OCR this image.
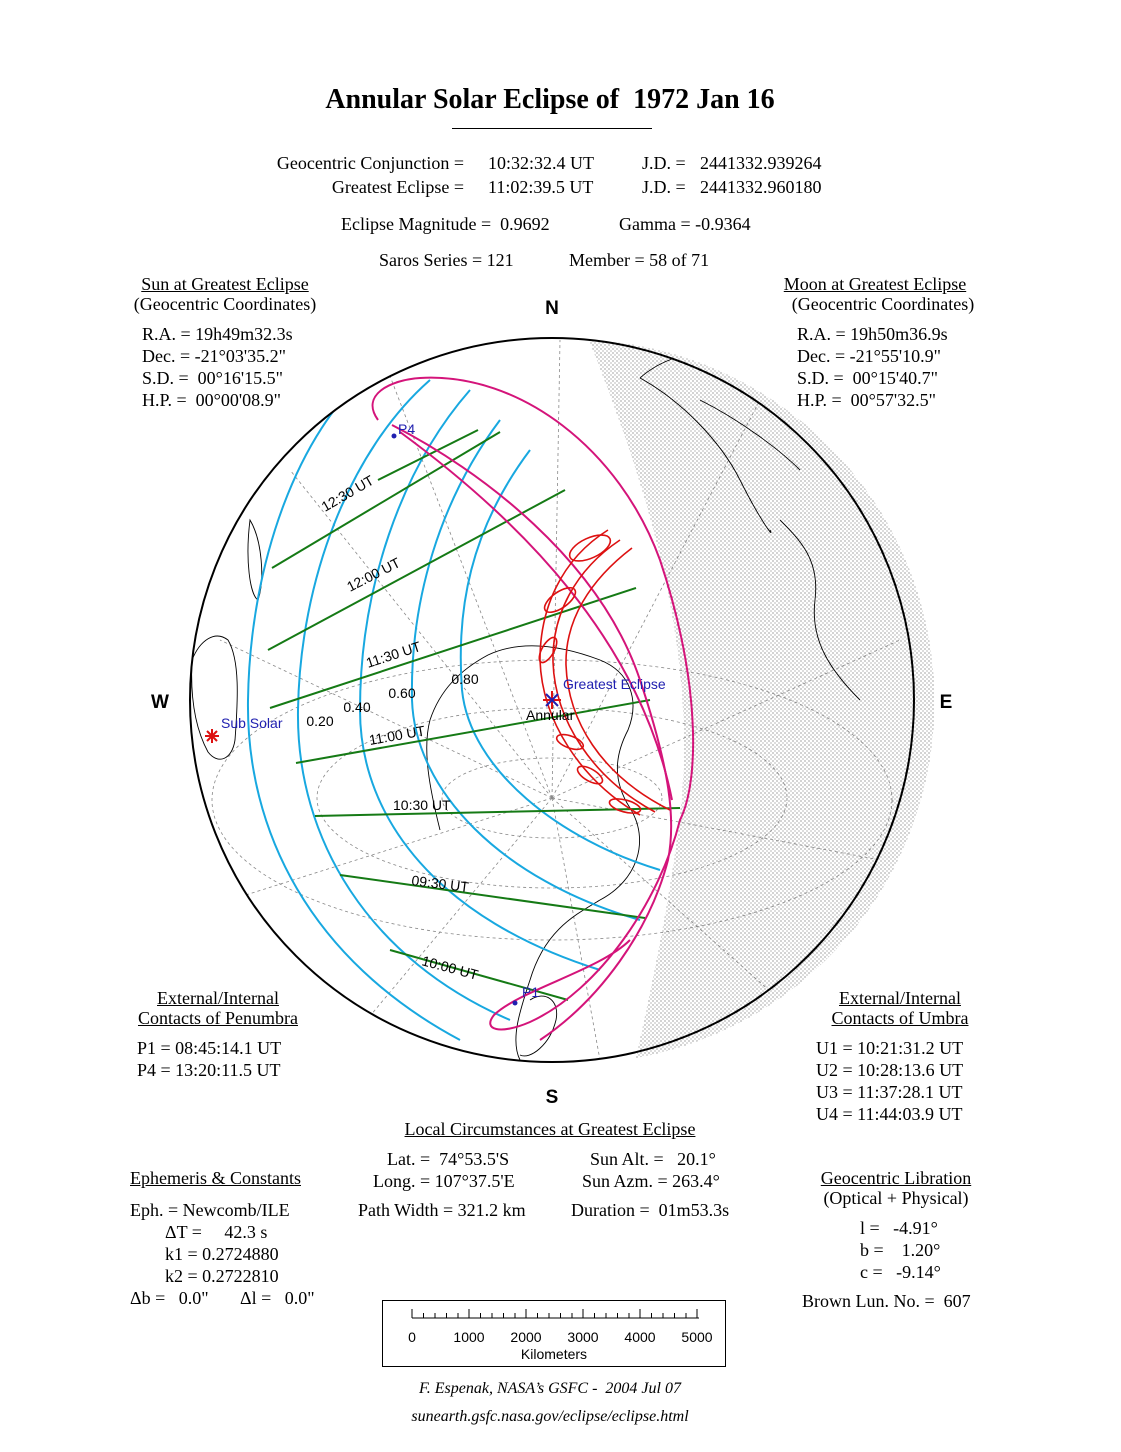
Annular Solar Eclipse of  1972 Jan 16
Geocentric Conjunction = 10:32:32.4 UT	J.D. = 2441332.939264
Greatest Eclipse = 11:02:39.5 UT	J.D. = 2441332.960180
Eclipse Magnitude =  0.9692	Gamma = -0.9364
Saros Series = 121	Member = 58 of 71
Sun at Greatest Eclipse
(Geocentric Coordinates)
R.A. = 19h49m32.3s
Dec. = -21°03'35.2"
S.D. =  00°16'15.5"
H.P. =  00°00'08.9"
Moon at Greatest Eclipse
(Geocentric Coordinates)
R.A. = 19h50m36.9s
Dec. = -21°55'10.9"
S.D. =  00°15'40.7"
H.P. =  00°57'32.5"
N
S
W	E
Greatest Eclipse
Annular
Sub Solar
P4
P1
0.20
0.40
0.60
0.80
12:30 UT
12:00 UT
11:30 UT
11:00 UT
10:30 UT
09:30 UT
10:00 UT
External/Internal
Contacts of Penumbra
P1 = 08:45:14.1 UT
P4 = 13:20:11.5 UT
External/Internal
Contacts of Umbra
U1 = 10:21:31.2 UT
U2 = 10:28:13.6 UT
U3 = 11:37:28.1 UT
U4 = 11:44:03.9 UT
Local Circumstances at Greatest Eclipse
Lat. =  74°53.5'S
Long. = 107°37.5'E
Sun Alt. =   20.1°
Sun Azm. = 263.4°
Path Width = 321.2 km	Duration =  01m53.3s
Ephemeris & Constants
Eph. = Newcomb/ILE
ΔT =     42.3 s
k1 = 0.2724880
k2 = 0.2722810
Δb =   0.0" Δl =   0.0"
Geocentric Libration
(Optical + Physical)
l =   -4.91°
b =    1.20°
c =   -9.14°
Brown Lun. No. =  607
0	1000 2000 3000 4000 5000
Kilometers
F. Espenak, NASA’s GSFC -  2004 Jul 07
sunearth.gsfc.nasa.gov/eclipse/eclipse.html
